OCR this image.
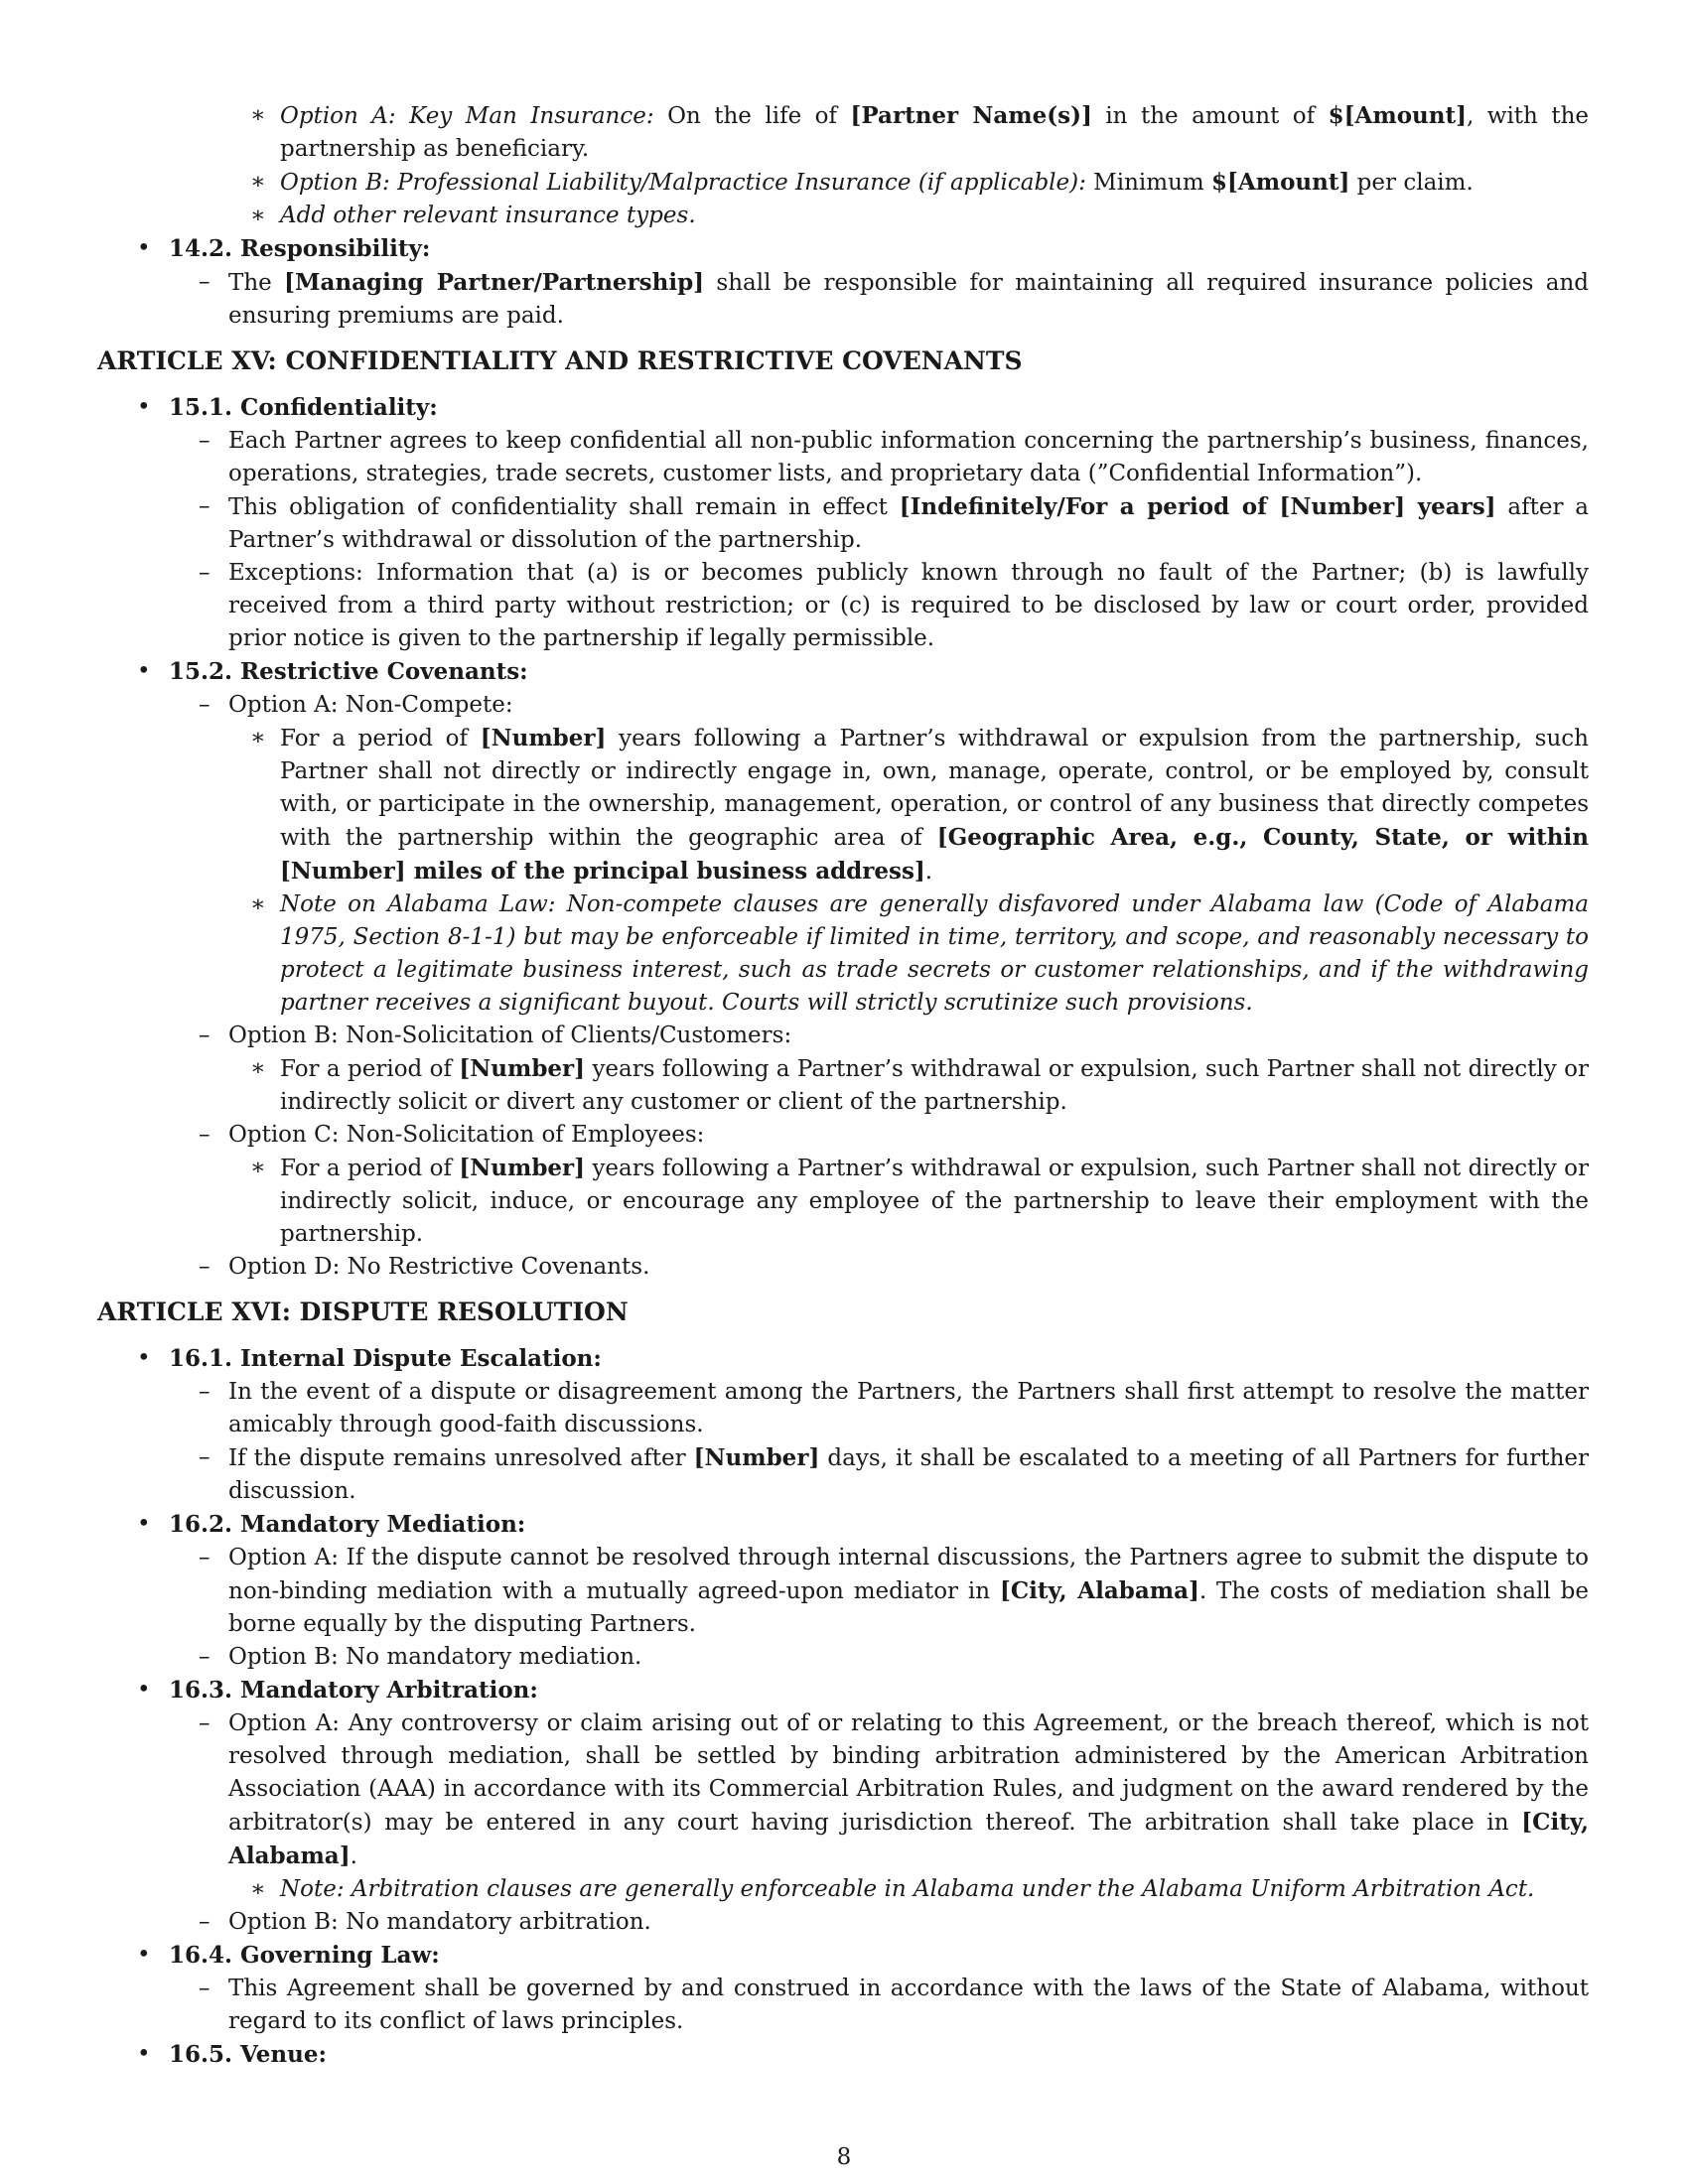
∗ Option A: Key Man Insurance: On the life of [Partner Name(s)] in the amount of $[Amount], with the partnership as beneficiary.
∗ Option B: Professional Liability/Malpractice Insurance (if applicable): Minimum $[Amount] per claim.
∗ Add other relevant insurance types.
• 14.2. Responsibility:
– The [Managing Partner/Partnership] shall be responsible for maintaining all required insurance policies and ensuring premiums are paid.
ARTICLE XV: CONFIDENTIALITY AND RESTRICTIVE COVENANTS
• 15.1. Confidentiality:
– Each Partner agrees to keep confidential all non-public information concerning the partnership’s business, finances, operations, strategies, trade secrets, customer lists, and proprietary data (”Confidential Information”).
– This obligation of confidentiality shall remain in effect [Indefinitely/For a period of [Number] years] after a Partner’s withdrawal or dissolution of the partnership.
– Exceptions: Information that (a) is or becomes publicly known through no fault of the Partner; (b) is lawfully received from a third party without restriction; or (c) is required to be disclosed by law or court order, provided prior notice is given to the partnership if legally permissible.
• 15.2. Restrictive Covenants:
– Option A: Non-Compete:
∗ For a period of [Number] years following a Partner’s withdrawal or expulsion from the partnership, such Partner shall not directly or indirectly engage in, own, manage, operate, control, or be employed by, consult with, or participate in the ownership, management, operation, or control of any business that directly competes with the partnership within the geographic area of [Geographic Area, e.g., County, State, or within [Number] miles of the principal business address].
∗ Note on Alabama Law: Non-compete clauses are generally disfavored under Alabama law (Code of Alabama 1975, Section 8-1-1) but may be enforceable if limited in time, territory, and scope, and reasonably necessary to protect a legitimate business interest, such as trade secrets or customer relationships, and if the withdrawing partner receives a significant buyout. Courts will strictly scrutinize such provisions.
– Option B: Non-Solicitation of Clients/Customers:
∗ For a period of [Number] years following a Partner’s withdrawal or expulsion, such Partner shall not directly or indirectly solicit or divert any customer or client of the partnership.
– Option C: Non-Solicitation of Employees:
∗ For a period of [Number] years following a Partner’s withdrawal or expulsion, such Partner shall not directly or indirectly solicit, induce, or encourage any employee of the partnership to leave their employment with the partnership.
– Option D: No Restrictive Covenants.
ARTICLE XVI: DISPUTE RESOLUTION
• 16.1. Internal Dispute Escalation:
– In the event of a dispute or disagreement among the Partners, the Partners shall first attempt to resolve the matter amicably through good-faith discussions.
– If the dispute remains unresolved after [Number] days, it shall be escalated to a meeting of all Partners for further discussion.
• 16.2. Mandatory Mediation:
– Option A: If the dispute cannot be resolved through internal discussions, the Partners agree to submit the dispute to non-binding mediation with a mutually agreed-upon mediator in [City, Alabama]. The costs of mediation shall be borne equally by the disputing Partners.
– Option B: No mandatory mediation.
• 16.3. Mandatory Arbitration:
– Option A: Any controversy or claim arising out of or relating to this Agreement, or the breach thereof, which is not resolved through mediation, shall be settled by binding arbitration administered by the American Arbitration Association (AAA) in accordance with its Commercial Arbitration Rules, and judgment on the award rendered by the arbitrator(s) may be entered in any court having jurisdiction thereof. The arbitration shall take place in [City, Alabama].
∗ Note: Arbitration clauses are generally enforceable in Alabama under the Alabama Uniform Arbitration Act.
– Option B: No mandatory arbitration.
• 16.4. Governing Law:
– This Agreement shall be governed by and construed in accordance with the laws of the State of Alabama, without regard to its conflict of laws principles.
• 16.5. Venue:
8
